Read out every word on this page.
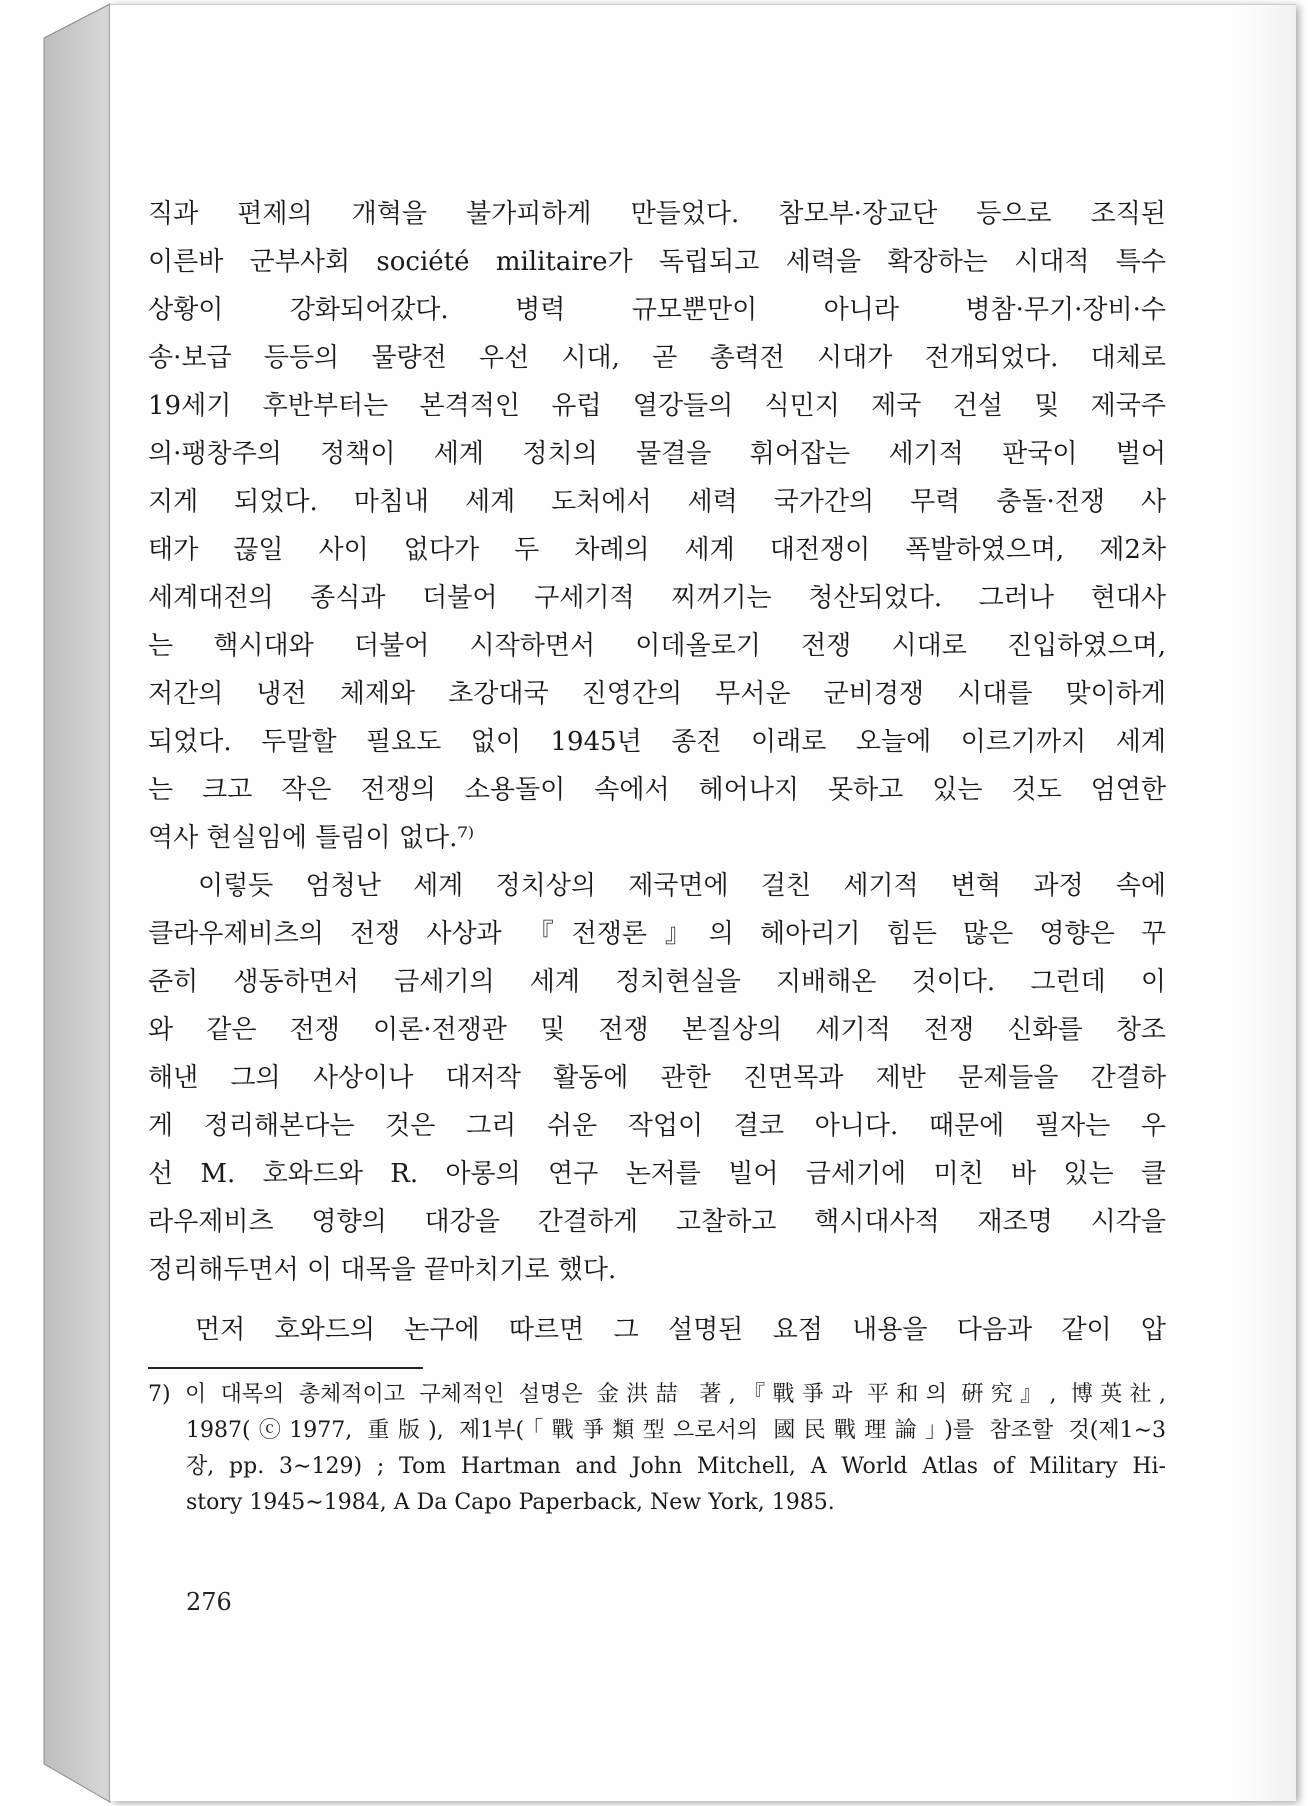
직과 편제의 개혁을 불가피하게 만들었다. 참모부·장교단 등으로 조직된
이른바 군부사회 société militaire가 독립되고 세력을 확장하는 시대적 특수
상황이 강화되어갔다. 병력 규모뿐만이 아니라 병참·무기·장비·수
송·보급 등등의 물량전 우선 시대, 곧 총력전 시대가 전개되었다. 대체로
19세기 후반부터는 본격적인 유럽 열강들의 식민지 제국 건설 및 제국주
의·팽창주의 정책이 세계 정치의 물결을 휘어잡는 세기적 판국이 벌어
지게 되었다. 마침내 세계 도처에서 세력 국가간의 무력 충돌·전쟁 사
태가 끊일 사이 없다가 두 차례의 세계 대전쟁이 폭발하였으며, 제2차
세계대전의 종식과 더불어 구세기적 찌꺼기는 청산되었다. 그러나 현대사
는 핵시대와 더불어 시작하면서 이데올로기 전쟁 시대로 진입하였으며,
저간의 냉전 체제와 초강대국 진영간의 무서운 군비경쟁 시대를 맞이하게
되었다. 두말할 필요도 없이 1945년 종전 이래로 오늘에 이르기까지 세계
는 크고 작은 전쟁의 소용돌이 속에서 헤어나지 못하고 있는 것도 엄연한
역사 현실임에 틀림이 없다.⁷⁾
　이렇듯 엄청난 세계 정치상의 제국면에 걸친 세기적 변혁 과정 속에
클라우제비츠의 전쟁 사상과 『전쟁론』의 헤아리기 힘든 많은 영향은 꾸
준히 생동하면서 금세기의 세계 정치현실을 지배해온 것이다. 그런데 이
와 같은 전쟁 이론·전쟁관 및 전쟁 본질상의 세기적 전쟁 신화를 창조
해낸 그의 사상이나 대저작 활동에 관한 진면목과 제반 문제들을 간결하
게 정리해본다는 것은 그리 쉬운 작업이 결코 아니다. 때문에 필자는 우
선 M. 호와드와 R. 아롱의 연구 논저를 빌어 금세기에 미친 바 있는 클
라우제비츠 영향의 대강을 간결하게 고찰하고 핵시대사적 재조명 시각을
정리해두면서 이 대목을 끝마치기로 했다.
　먼저 호와드의 논구에 따르면 그 설명된 요점 내용을 다음과 같이 압
7) 이 대목의 총체적이고 구체적인 설명은 金洪喆 著,『戰爭과 平和의 硏究』, 博英社,
1987(ⓒ1977, 重版), 제1부(「戰爭類型으로서의 國民戰理論」)를 참조할 것(제1∼3
장, pp. 3∼129) ; Tom Hartman and John Mitchell, A World Atlas of Military Hi-
story 1945∼1984, A Da Capo Paperback, New York, 1985.
276
